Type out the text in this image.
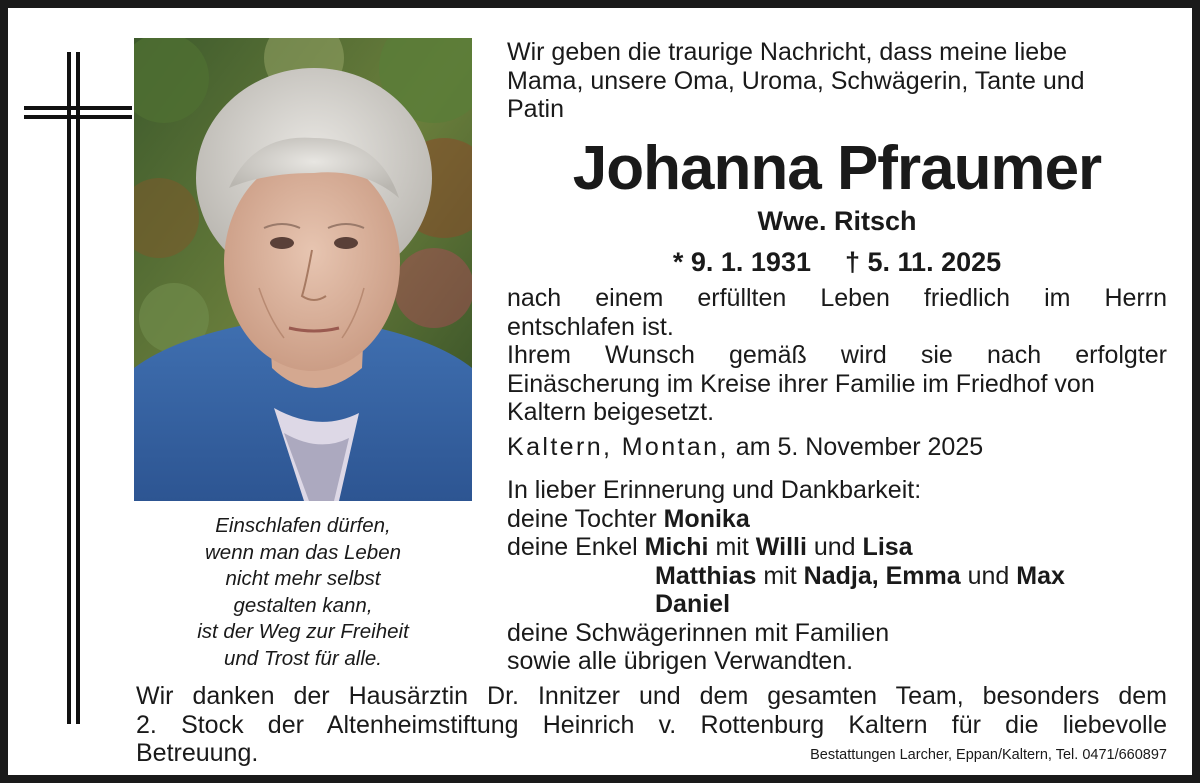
Einschlafen dürfen,
wenn man das Leben
nicht mehr selbst
gestalten kann,
ist der Weg zur Freiheit
und Trost für alle.
Wir geben die traurige Nachricht, dass meine liebe
Mama, unsere Oma, Uroma, Schwägerin, Tante und
Patin
Johanna Pfraumer
Wwe. Ritsch
* 9. 1. 1931 † 5. 11. 2025
nach einem erfüllten Leben friedlich im Herrn
entschlafen ist.
Ihrem Wunsch gemäß wird sie nach erfolgter
Einäscherung im Kreise ihrer Familie im Friedhof von
Kaltern beigesetzt.
Kaltern, Montan, am 5. November 2025
In lieber Erinnerung und Dankbarkeit:
deine Tochter Monika
deine Enkel Michi mit Willi und Lisa
Matthias mit Nadja, Emma und Max
Daniel
deine Schwägerinnen mit Familien
sowie alle übrigen Verwandten.
Wir danken der Hausärztin Dr. Innitzer und dem gesamten Team, besonders dem
2. Stock der Altenheimstiftung Heinrich v. Rottenburg Kaltern für die liebevolle
Betreuung.	Bestattungen Larcher, Eppan/Kaltern, Tel. 0471/660897
